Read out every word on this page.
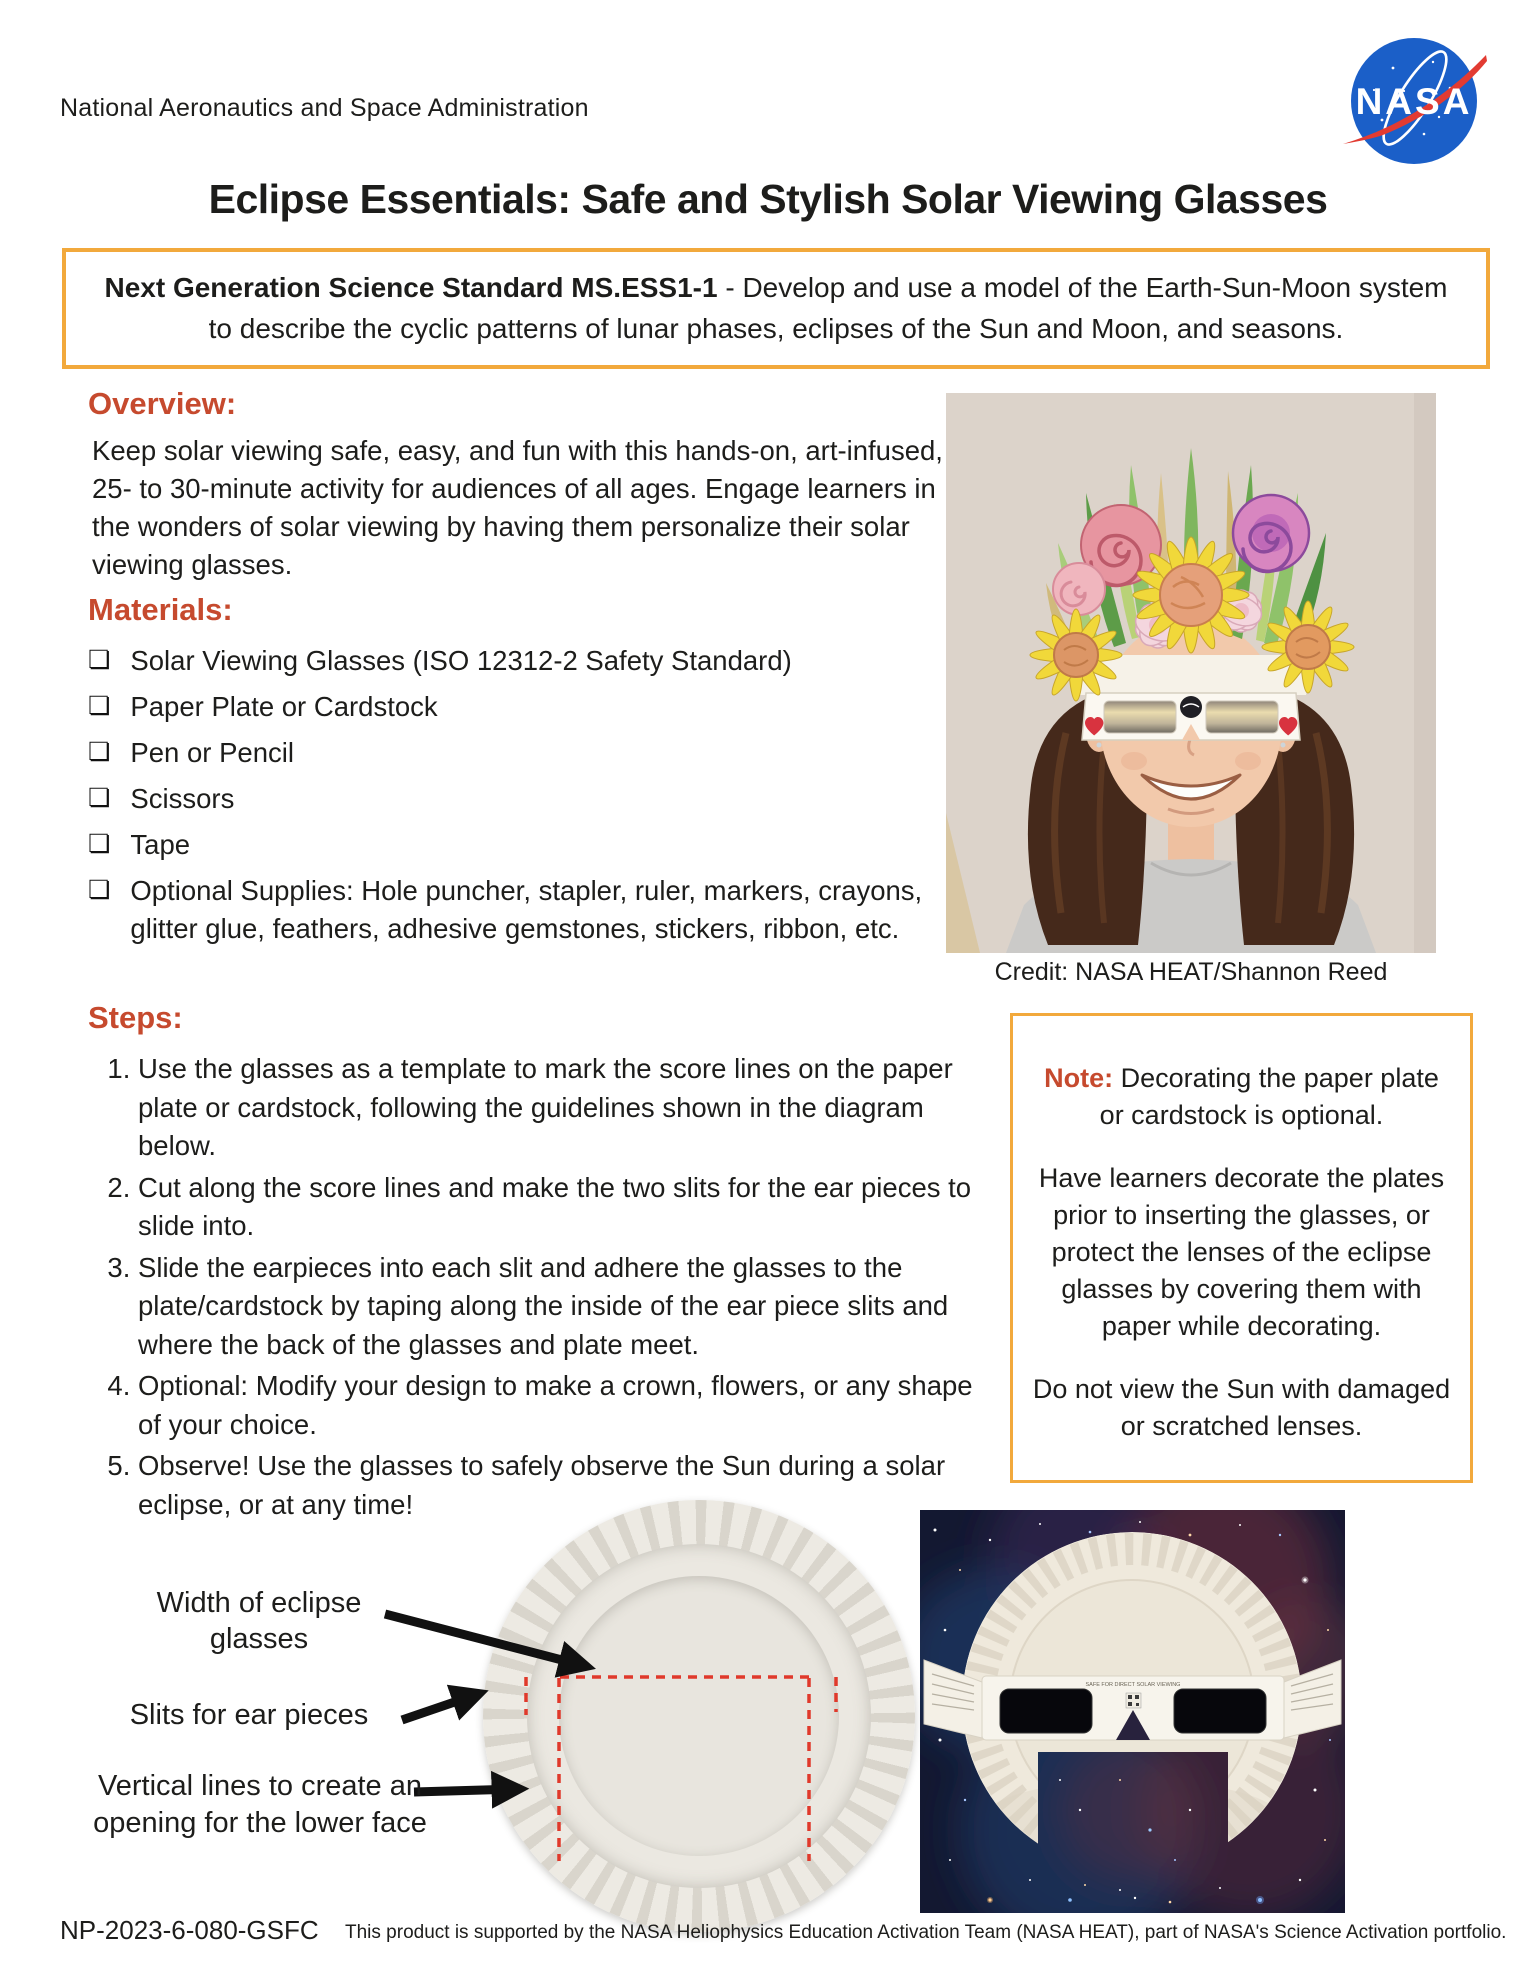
National Aeronautics and Space Administration	NASA
Eclipse Essentials: Safe and Stylish Solar Viewing Glasses
Next Generation Science Standard MS.ESS1-1 - Develop and use a model of the Earth-Sun-Moon system to describe the cyclic patterns of lunar phases, eclipses of the Sun and Moon, and seasons.
Overview:
Keep solar viewing safe, easy, and fun with this hands-on, art-infused, 25- to 30-minute activity for audiences of all ages. Engage learners in the wonders of solar viewing by having them personalize their solar viewing glasses.
Materials:
❏ Solar Viewing Glasses (ISO 12312-2 Safety Standard)
❏ Paper Plate or Cardstock
❏ Pen or Pencil
❏ Scissors
❏ Tape
❏ Optional Supplies: Hole puncher, stapler, ruler, markers, crayons, glitter glue, feathers, adhesive gemstones, stickers, ribbon, etc.
Credit: NASA HEAT/Shannon Reed
Steps:
1. Use the glasses as a template to mark the score lines on the paper plate or cardstock, following the guidelines shown in the diagram below.
2. Cut along the score lines and make the two slits for the ear pieces to slide into.
3. Slide the earpieces into each slit and adhere the glasses to the plate/cardstock by taping along the inside of the ear piece slits and where the back of the glasses and plate meet.
4. Optional: Modify your design to make a crown, flowers, or any shape of your choice.
5. Observe! Use the glasses to safely observe the Sun during a solar eclipse, or at any time!

Note: Decorating the paper plate or cardstock is optional.

Have learners decorate the plates prior to inserting the glasses, or protect the lenses of the eclipse glasses by covering them with paper while decorating.

Do not view the Sun with damaged or scratched lenses.

Width of eclipse glasses
Slits for ear pieces
Vertical lines to create an opening for the lower face
SAFE FOR DIRECT SOLAR VIEWING
NP-2023-6-080-GSFC This product is supported by the NASA Heliophysics Education Activation Team (NASA HEAT), part of NASA's Science Activation portfolio.
